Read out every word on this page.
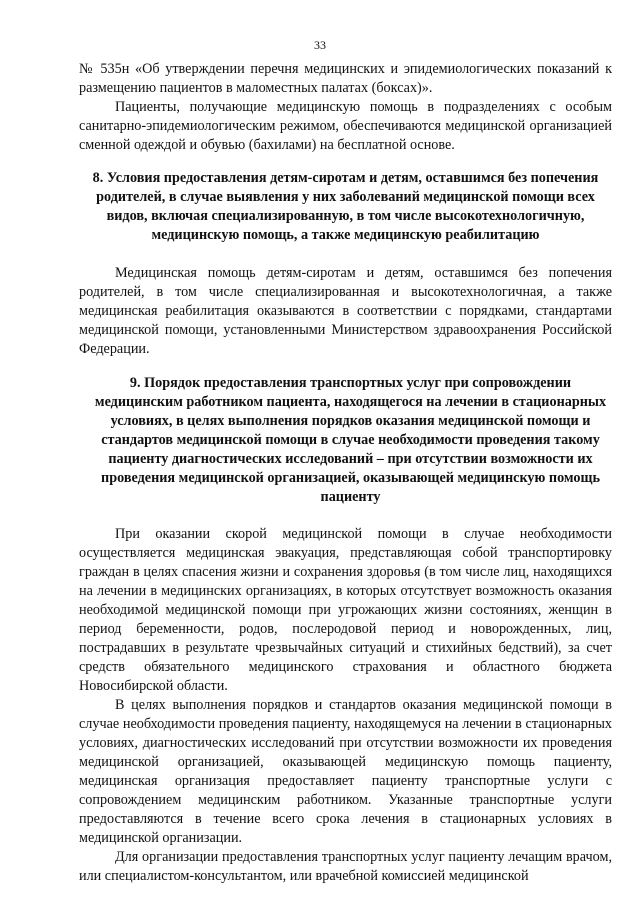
33

№ 535н «Об утверждении перечня медицинских и эпидемиологических показаний к размещению пациентов в маломестных палатах (боксах)».

Пациенты, получающие медицинскую помощь в подразделениях с особым санитарно-эпидемиологическим режимом, обеспечиваются медицинской организацией сменной одеждой и обувью (бахилами) на бесплатной основе.

8. Условия предоставления детям-сиротам и детям, оставшимся без попечения родителей, в случае выявления у них заболеваний медицинской помощи всех видов, включая специализированную, в том числе высокотехнологичную, медицинскую помощь, а также медицинскую реабилитацию

Медицинская помощь детям-сиротам и детям, оставшимся без попечения родителей, в том числе специализированная и высокотехнологичная, а также медицинская реабилитация оказываются в соответствии с порядками, стандартами медицинской помощи, установленными Министерством здравоохранения Российской Федерации.

9. Порядок предоставления транспортных услуг при сопровождении медицинским работником пациента, находящегося на лечении в стационарных условиях, в целях выполнения порядков оказания медицинской помощи и стандартов медицинской помощи в случае необходимости проведения такому пациенту диагностических исследований – при отсутствии возможности их проведения медицинской организацией, оказывающей медицинскую помощь пациенту

При оказании скорой медицинской помощи в случае необходимости осуществляется медицинская эвакуация, представляющая собой транспортировку граждан в целях спасения жизни и сохранения здоровья (в том числе лиц, находящихся на лечении в медицинских организациях, в которых отсутствует возможность оказания необходимой медицинской помощи при угрожающих жизни состояниях, женщин в период беременности, родов, послеродовой период и новорожденных, лиц, пострадавших в результате чрезвычайных ситуаций и стихийных бедствий), за счет средств обязательного медицинского страхования и областного бюджета Новосибирской области.

В целях выполнения порядков и стандартов оказания медицинской помощи в случае необходимости проведения пациенту, находящемуся на лечении в стационарных условиях, диагностических исследований при отсутствии возможности их проведения медицинской организацией, оказывающей медицинскую помощь пациенту, медицинская организация предоставляет пациенту транспортные услуги с сопровождением медицинским работником. Указанные транспортные услуги предоставляются в течение всего срока лечения в стационарных условиях в медицинской организации.

Для организации предоставления транспортных услуг пациенту лечащим врачом, или специалистом-консультантом, или врачебной комиссией медицинской
